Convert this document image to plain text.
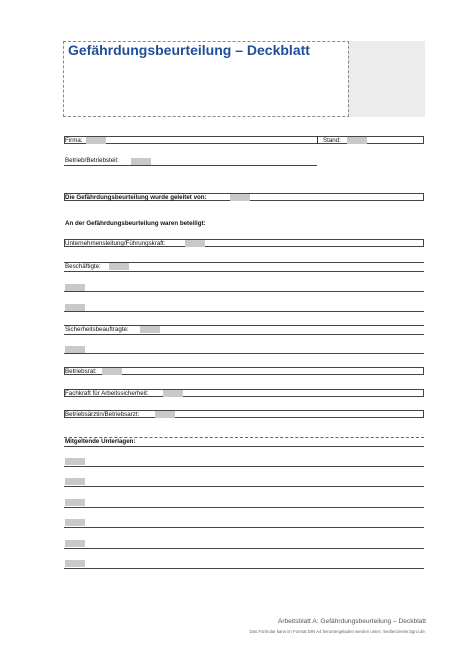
Gefährdungsbeurteilung – Deckblatt
Firma:	Stand:
Betrieb/Betriebsteil:
Die Gefährdungsbeurteilung wurde geleitet von:
An der Gefährdungsbeurteilung waren beteiligt:
Unternehmensleitung/Führungskraft:
Beschäftigte:
Sicherheitsbeauftragte:
Betriebsrat:
Fachkraft für Arbeitssicherheit:
Betriebsärztin/Betriebsarzt:
Mitgeltende Unterlagen:
Arbeitsblatt A: Gefährdungsbeurteilung – Deckblatt
Das Formular kann im Format DIN A4 heruntergeladen werden unter: medienzenter.bgrci.de.
